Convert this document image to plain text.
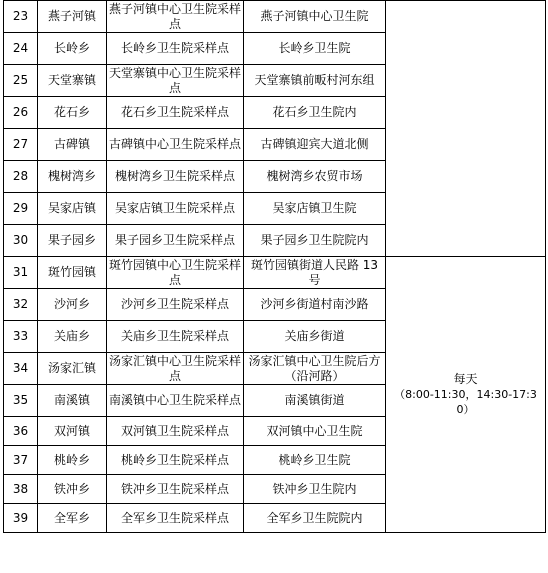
23	燕子河镇	燕子河镇中心卫生院采样点	燕子河镇中心卫生院	
24	长岭乡	长岭乡卫生院采样点	长岭乡卫生院	
25	天堂寨镇	天堂寨镇中心卫生院采样点	天堂寨镇前畈村河东组	
26	花石乡	花石乡卫生院采样点	花石乡卫生院内	
27	古碑镇	古碑镇中心卫生院采样点	古碑镇迎宾大道北侧	
28	槐树湾乡	槐树湾乡卫生院采样点	槐树湾乡农贸市场	
29	吴家店镇	吴家店镇卫生院采样点	吴家店镇卫生院	
30	果子园乡	果子园乡卫生院采样点	果子园乡卫生院院内	
31	斑竹园镇	斑竹园镇中心卫生院采样点	斑竹园镇街道人民路 13 号	每天
（8:00-11:30，14:30-17:30）

32	沙河乡	沙河乡卫生院采样点	沙河乡街道村南沙路	
33	关庙乡	关庙乡卫生院采样点	关庙乡街道	
34	汤家汇镇	汤家汇镇中心卫生院采样点	汤家汇镇中心卫生院后方（沿河路）	
35	南溪镇	南溪镇中心卫生院采样点	南溪镇街道	
36	双河镇	双河镇卫生院采样点	双河镇中心卫生院	
37	桃岭乡	桃岭乡卫生院采样点	桃岭乡卫生院	
38	铁冲乡	铁冲乡卫生院采样点	铁冲乡卫生院内	
39	全军乡	全军乡卫生院采样点	全军乡卫生院院内	
